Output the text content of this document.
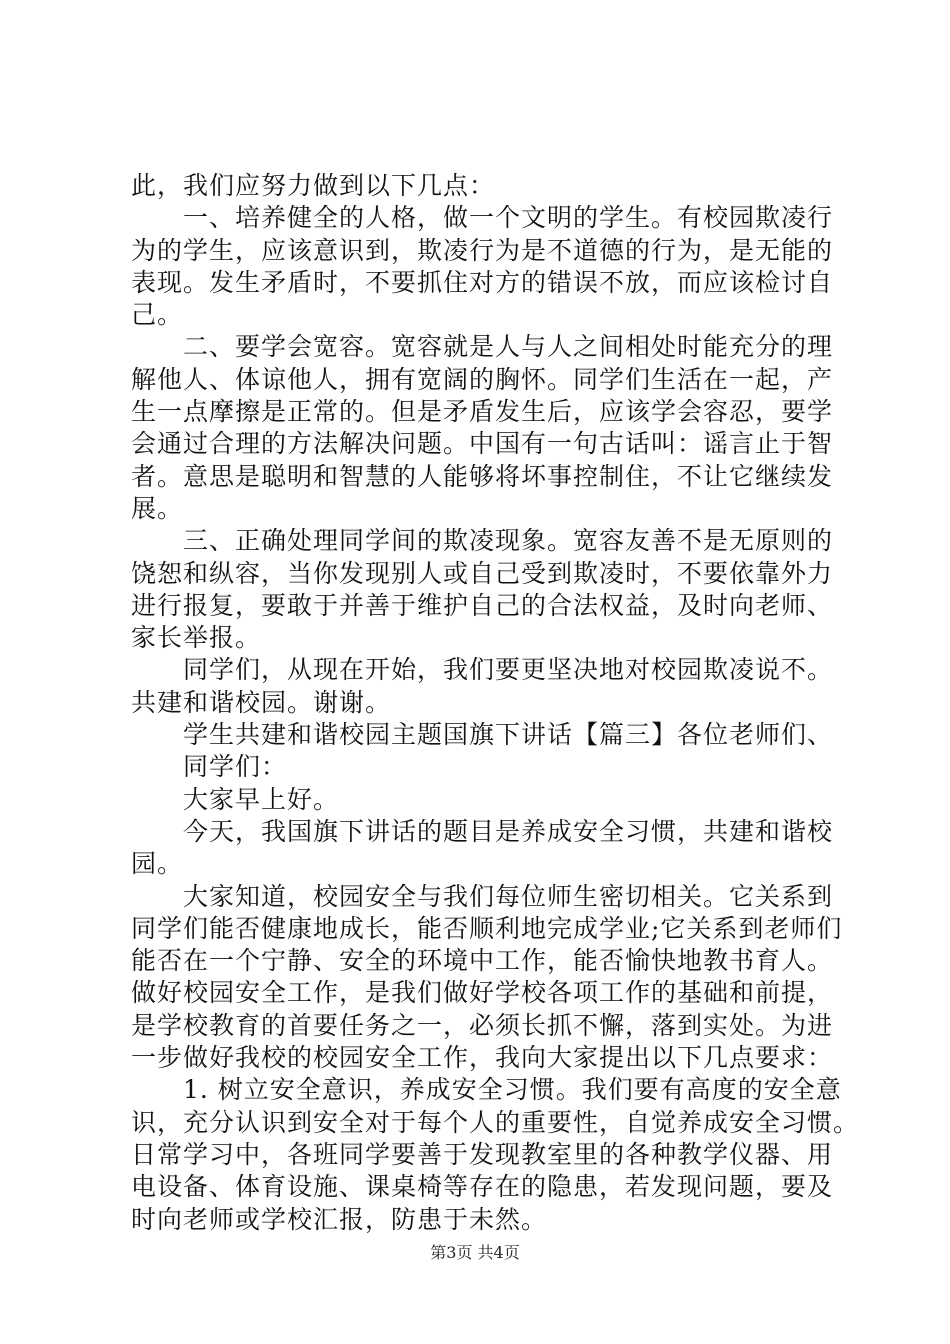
此，我们应努力做到以下几点：
一、培养健全的人格，做一个文明的学生。有校园欺凌行
为的学生，应该意识到，欺凌行为是不道德的行为，是无能的
表现。发生矛盾时，不要抓住对方的错误不放，而应该检讨自
己。
二、要学会宽容。宽容就是人与人之间相处时能充分的理
解他人、体谅他人，拥有宽阔的胸怀。同学们生活在一起，产
生一点摩擦是正常的。但是矛盾发生后，应该学会容忍，要学
会通过合理的方法解决问题。中国有一句古话叫：谣言止于智
者。意思是聪明和智慧的人能够将坏事控制住，不让它继续发
展。
三、正确处理同学间的欺凌现象。宽容友善不是无原则的
饶恕和纵容，当你发现别人或自己受到欺凌时，不要依靠外力
进行报复，要敢于并善于维护自己的合法权益，及时向老师、
家长举报。
同学们，从现在开始，我们要更坚决地对校园欺凌说不。
共建和谐校园。谢谢。
学生共建和谐校园主题国旗下讲话【篇三】各位老师们、
同学们：
大家早上好。
今天，我国旗下讲话的题目是养成安全习惯，共建和谐校
园。
大家知道，校园安全与我们每位师生密切相关。它关系到
同学们能否健康地成长，能否顺利地完成学业;它关系到老师们
能否在一个宁静、安全的环境中工作，能否愉快地教书育人。
做好校园安全工作，是我们做好学校各项工作的基础和前提，
是学校教育的首要任务之一，必须长抓不懈，落到实处。为进
一步做好我校的校园安全工作，我向大家提出以下几点要求：
1. 树立安全意识，养成安全习惯。我们要有高度的安全意
识，充分认识到安全对于每个人的重要性，自觉养成安全习惯。
日常学习中，各班同学要善于发现教室里的各种教学仪器、用
电设备、体育设施、课桌椅等存在的隐患，若发现问题，要及
时向老师或学校汇报，防患于未然。
第3页 共4页
